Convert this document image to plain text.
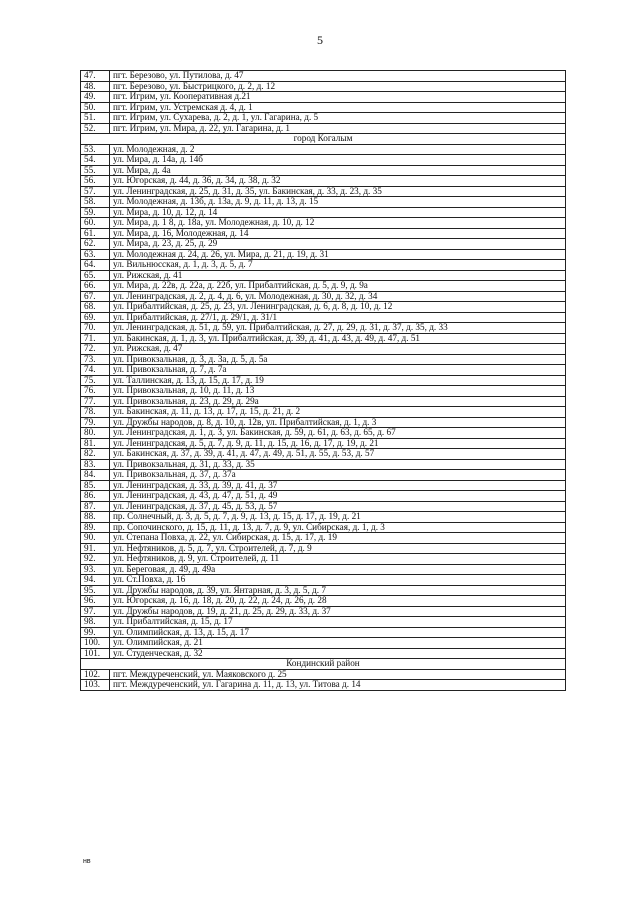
5
47.	пгт. Березово, ул. Путилова, д. 47
48.	пгт. Березово, ул. Быстрицкого, д. 2, д. 12
49.	пгт. Игрим, ул. Кооперативная д.21
50.	пгт. Игрим, ул. Устремская д. 4, д. 1
51.	пгт. Игрим, ул. Сухарева, д. 2, д. 1, ул. Гагарина, д. 5
52.	пгт. Игрим, ул. Мира, д. 22, ул. Гагарина, д. 1
город Когалым	
53.	ул. Молодежная, д. 2
54.	ул. Мира, д. 14а, д. 14б
55.	ул. Мира, д. 4а
56.	ул. Югорская, д. 44, д. 36, д. 34, д. 38, д. 32
57.	ул. Ленинградская, д. 25, д. 31, д. 35, ул. Бакинская, д. 33, д. 23, д. 35
58.	ул. Молодежная, д. 13б, д. 13а, д. 9, д. 11, д. 13, д. 15
59.	ул. Мира, д. 10, д. 12, д. 14
60.	ул. Мира, д. 1 8, д. 18а, ул. Молодежная, д. 10, д. 12
61.	ул. Мира, д. 16, Молодежная, д. 14
62.	ул. Мира, д. 23, д. 25, д. 29
63.	ул. Молодежная д. 24, д. 26, ул. Мира, д. 21, д. 19, д. 31
64.	ул. Вильнюсская, д. 1, д. 3, д. 5, д. 7
65.	ул. Рижская, д. 41
66.	ул. Мира, д. 22в, д. 22а, д. 22б, ул. Прибалтийская, д. 5, д. 9, д. 9а
67.	ул. Ленинградская, д. 2, д. 4, д. 6, ул. Молодежная, д. 30, д. 32, д. 34
68.	ул. Прибалтийская, д. 25, д. 23, ул. Ленинградская, д. 6, д. 8, д. 10, д. 12
69.	ул. Прибалтийская, д. 27/1, д. 29/1, д. 31/1
70.	ул. Ленинградская, д. 51, д. 59, ул. Прибалтийская, д. 27, д. 29, д. 31, д. 37, д. 35, д. 33
71.	ул. Бакинская, д. 1, д. 3, ул. Прибалтийская, д. 39, д. 41, д. 43, д. 49, д. 47, д. 51
72.	ул. Рижская, д. 47
73.	ул. Привокзальная, д. 3, д. 3а, д. 5, д. 5а
74.	ул. Привокзальная, д. 7, д. 7а
75.	ул. Таллинская, д. 13, д. 15, д. 17, д. 19
76.	ул. Привокзальная, д. 10, д. 11, д. 13
77.	ул. Привокзальная, д. 23, д. 29, д. 29а
78.	ул. Бакинская, д. 11, д. 13, д. 17, д. 15, д. 21, д. 2
79.	ул. Дружбы народов, д. 8, д. 10, д. 12в, ул. Прибалтийская, д. 1, д. 3
80.	ул. Ленинградская, д. 1, д. 3, ул. Бакинская, д. 59, д. 61, д. 63, д. 65, д. 67
81.	ул. Ленинградская, д. 5, д. 7, д. 9, д. 11, д. 15, д. 16, д. 17, д. 19, д. 21
82.	ул. Бакинская, д. 37, д. 39, д. 41, д. 47, д. 49, д. 51, д. 55, д. 53, д. 57
83.	ул. Привокзальная, д. 31, д. 33, д. 35
84.	ул. Привокзальная, д. 37, д. 37а
85.	ул. Ленинградская, д. 33, д. 39, д. 41, д. 37
86.	ул. Ленинградская, д. 43, д. 47, д. 51, д. 49
87.	ул. Ленинградская, д. 37, д. 45, д. 53, д. 57
88.	пр. Солнечный, д. 3, д. 5, д. 7, д. 9, д. 13, д. 15, д. 17, д. 19, д. 21
89.	пр. Сопочинского, д. 15, д. 11, д. 13, д. 7, д. 9, ул. Сибирская, д. 1, д. 3
90.	ул. Степана Повха, д. 22, ул. Сибирская, д. 15, д. 17, д. 19
91.	ул. Нефтяников, д. 5, д. 7, ул. Строителей, д. 7, д. 9
92.	ул. Нефтяников, д. 9, ул. Строителей, д. 11
93.	ул. Береговая, д. 49, д. 49а
94.	ул. Ст.Повха, д. 16
95.	ул. Дружбы народов, д. 39, ул. Янтарная, д. 3, д. 5, д. 7
96.	ул. Югорская, д. 16, д. 18, д. 20, д. 22, д. 24, д. 26, д. 28
97.	ул. Дружбы народов, д. 19, д. 21, д. 25, д. 29, д. 33, д. 37
98.	ул. Прибалтийская, д. 15, д. 17
99.	ул. Олимпийская, д. 13, д. 15, д. 17
100.	ул. Олимпийская, д. 21
101.	ул. Студенческая, д. 32
Кондинский район	
102.	пгт. Междуреченский, ул. Маяковского д. 25
103.	пгт. Междуреченский, ул. Гагарина д. 11, д. 13, ул. Титова д. 14
нв
